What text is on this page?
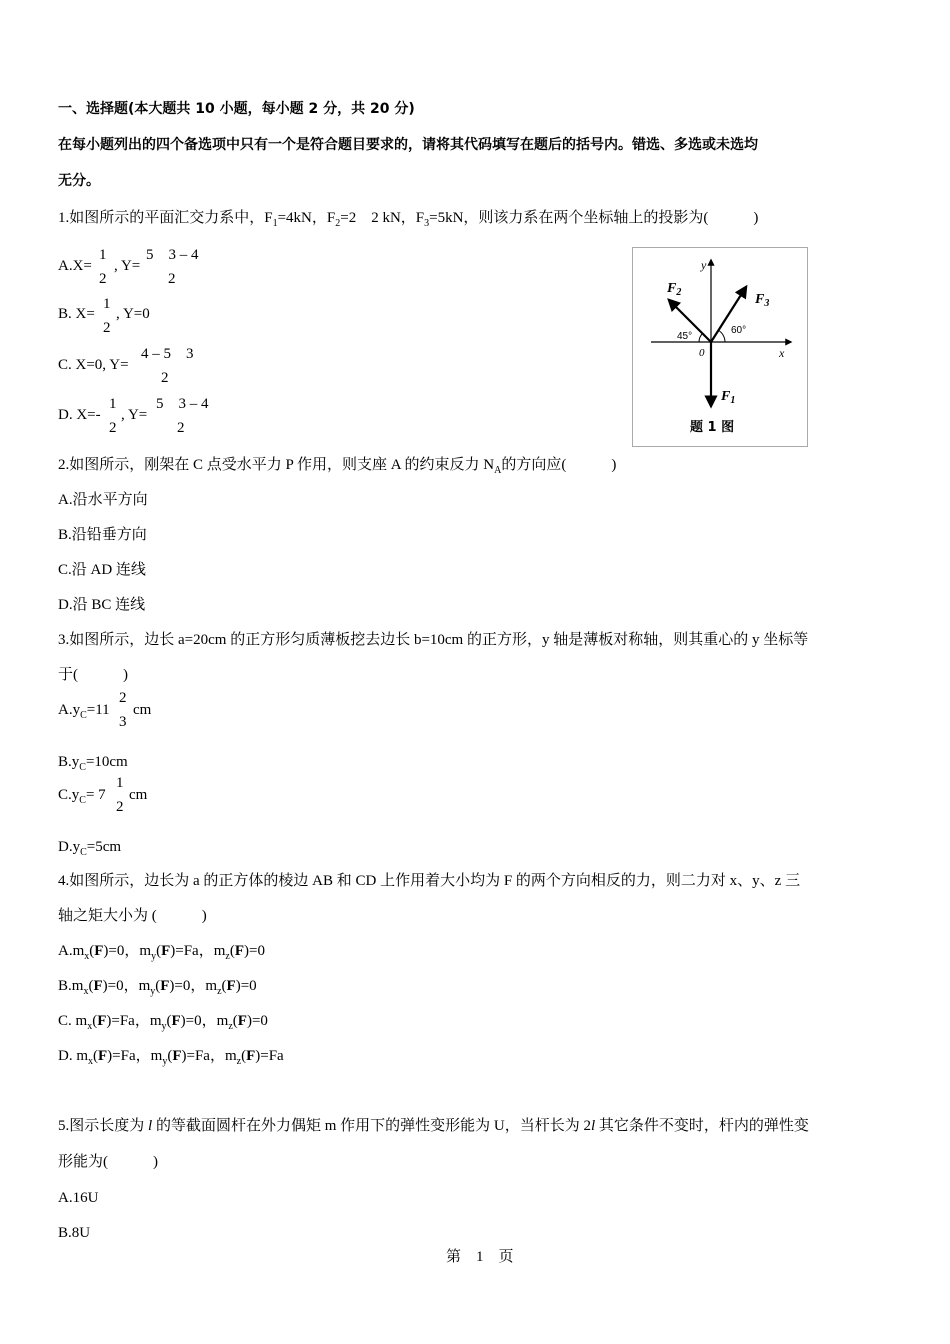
一、选择题(本大题共 10 小题，每小题 2 分，共 20 分)
在每小题列出的四个备选项中只有一个是符合题目要求的，请将其代码填写在题后的括号内。错选、多选或未选均
无分。
1.如图所示的平面汇交力系中，$F_1=4kN$，$F_2=2$　2 kN，$F_3=5kN$，则该力系在两个坐标轴上的投影为(　　　)
A.X=
1
2
, Y=
5　3 – 4
2
B. X=
1
2
, Y=0
C. X=0, Y=
4 – 5　3
2
D. X=-
1
2
, Y=
5　3 – 4
2
y
x
0
45°
60°
$F_2$	$F_3$
$F_1$
题 1 图
2.如图所示，刚架在 C 点受水平力 P 作用，则支座 A 的约束反力 $N_A$的方向应(　　　)
A.沿水平方向
B.沿铅垂方向
C.沿 AD 连线
D.沿 BC 连线
3.如图所示，边长 a=20cm 的正方形匀质薄板挖去边长 b=10cm 的正方形，y 轴是薄板对称轴，则其重心的 y 坐标等
于(　　　)
$A.y_C=11$
2
3
cm
$B.y_C=10cm$
$C.y_C= 7$
1
2
cm
$D.y_C=5cm$
4.如图所示，边长为 a 的正方体的棱边 AB 和 CD 上作用着大小均为 F 的两个方向相反的力，则二力对 x、y、z 三
轴之矩大小为 (　　　)
$A.m_x(F)=0$，$m_y(F)=Fa$，$m_z(F)=0$
$B.m_x(F)=0$，$m_y(F)=0$，$m_z(F)=0$
C. $m_x(F)=Fa$，$m_y(F)=0$，$m_z(F)=0$
D. $m_x(F)=Fa$，$m_y(F)=Fa$，$m_z(F)=Fa$
5.图示长度为 l 的等截面圆杆在外力偶矩 m 作用下的弹性变形能为 U，当杆长为 2l 其它条件不变时，杆内的弹性变
形能为(　　　)
A.16U
B.8U
第　1　页
